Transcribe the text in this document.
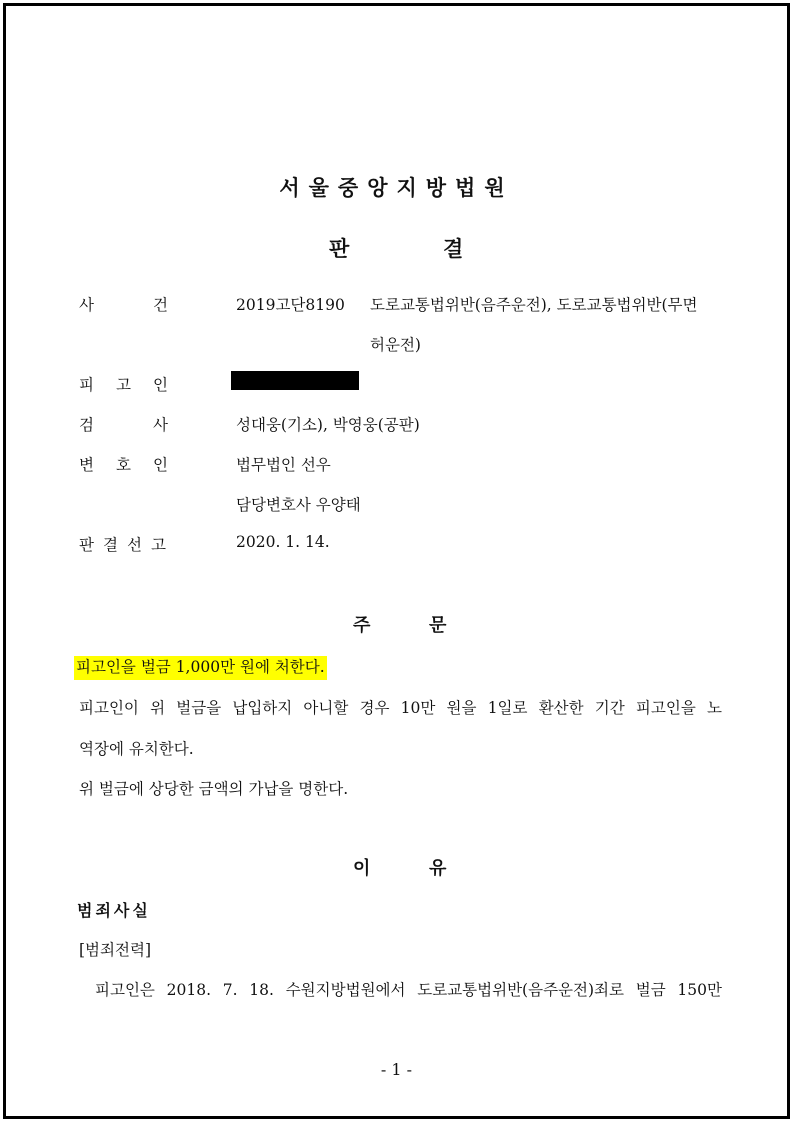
서울중앙지방법원
판	결
사	건	2019고단8190 도로교통법위반(음주운전), 도로교통법위반(무면
허운전)
피 고 인
검	사	성대웅(기소), 박영웅(공판)
변 호 인	법무법인 선우
담당변호사 우양태
판 결 선 고	2020. 1. 14.
주	문
피고인을 벌금 1,000만 원에 처한다.
피고인이 위 벌금을 납입하지 아니할 경우 10만 원을 1일로 환산한 기간 피고인을 노
역장에 유치한다.
위 벌금에 상당한 금액의 가납을 명한다.
이	유
범죄사실
[범죄전력]
피고인은 2018. 7. 18. 수원지방법원에서 도로교통법위반(음주운전)죄로 벌금 150만
- 1 -
